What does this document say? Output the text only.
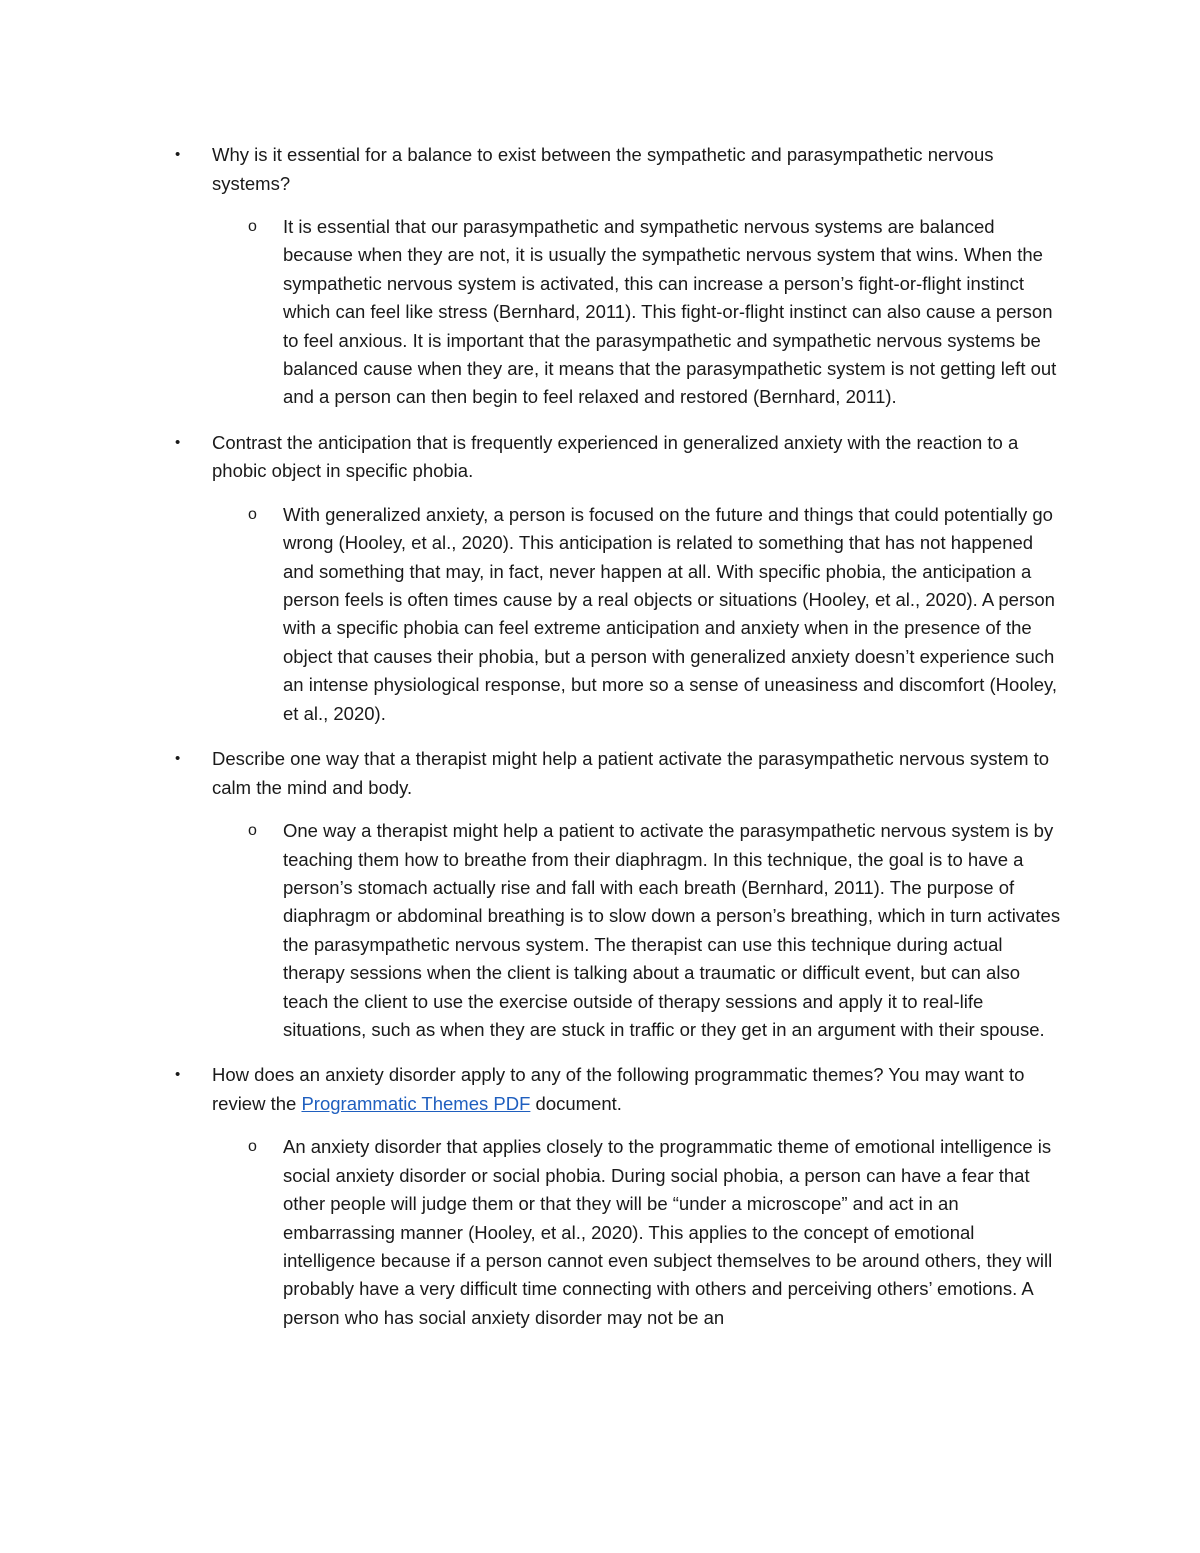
• Why is it essential for a balance to exist between the sympathetic and parasympathetic nervous systems?

o It is essential that our parasympathetic and sympathetic nervous systems are balanced because when they are not, it is usually the sympathetic nervous system that wins. When the sympathetic nervous system is activated, this can increase a person’s fight-or-flight instinct which can feel like stress (Bernhard, 2011). This fight-or-flight instinct can also cause a person to feel anxious. It is important that the parasympathetic and sympathetic nervous systems be balanced cause when they are, it means that the parasympathetic system is not getting left out and a person can then begin to feel relaxed and restored (Bernhard, 2011).

• Contrast the anticipation that is frequently experienced in generalized anxiety with the reaction to a phobic object in specific phobia.

o With generalized anxiety, a person is focused on the future and things that could potentially go wrong (Hooley, et al., 2020). This anticipation is related to something that has not happened and something that may, in fact, never happen at all. With specific phobia, the anticipation a person feels is often times cause by a real objects or situations (Hooley, et al., 2020). A person with a specific phobia can feel extreme anticipation and anxiety when in the presence of the object that causes their phobia, but a person with generalized anxiety doesn’t experience such an intense physiological response, but more so a sense of uneasiness and discomfort (Hooley, et al., 2020).

• Describe one way that a therapist might help a patient activate the parasympathetic nervous system to calm the mind and body.

o One way a therapist might help a patient to activate the parasympathetic nervous system is by teaching them how to breathe from their diaphragm. In this technique, the goal is to have a person’s stomach actually rise and fall with each breath (Bernhard, 2011). The purpose of diaphragm or abdominal breathing is to slow down a person’s breathing, which in turn activates the parasympathetic nervous system. The therapist can use this technique during actual therapy sessions when the client is talking about a traumatic or difficult event, but can also teach the client to use the exercise outside of therapy sessions and apply it to real-life situations, such as when they are stuck in traffic or they get in an argument with their spouse.

• How does an anxiety disorder apply to any of the following programmatic themes? You may want to review the Programmatic Themes PDF document.

o An anxiety disorder that applies closely to the programmatic theme of emotional intelligence is social anxiety disorder or social phobia. During social phobia, a person can have a fear that other people will judge them or that they will be “under a microscope” and act in an embarrassing manner (Hooley, et al., 2020). This applies to the concept of emotional intelligence because if a person cannot even subject themselves to be around others, they will probably have a very difficult time connecting with others and perceiving others’ emotions. A person who has social anxiety disorder may not be an
